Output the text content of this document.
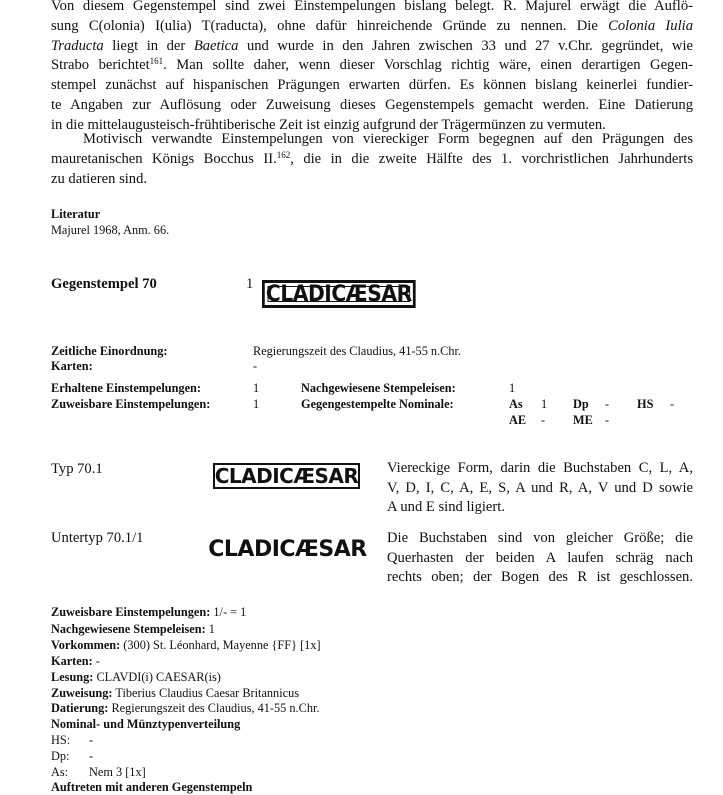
Von diesem Gegenstempel sind zwei Einstempelungen bislang belegt. R. Majurel erwägt die Auflö-
sung C(olonia) I(ulia) T(raducta), ohne dafür hinreichende Gründe zu nennen. Die Colonia Iulia
Traducta liegt in der Baetica und wurde in den Jahren zwischen 33 und 27 v.Chr. gegründet, wie
Strabo berichtet$^{161}$. Man sollte daher, wenn dieser Vorschlag richtig wäre, einen derartigen Gegen-
stempel zunächst auf hispanischen Prägungen erwarten dürfen. Es können bislang keinerlei fundier-
te Angaben zur Auflösung oder Zuweisung dieses Gegenstempels gemacht werden. Eine Datierung
in die mittelaugusteisch-frühtiberische Zeit ist einzig aufgrund der Trägermünzen zu vermuten.
Motivisch verwandte Einstempelungen von viereckiger Form begegnen auf den Prägungen des
mauretanischen Königs Bocchus II.$^{162}$, die in die zweite Hälfte des 1. vorchristlichen Jahrhunderts
zu datieren sind.
Literatur
Majurel 1968, Anm. 66.
Gegenstempel 70	1 CLADICÆSAR
Zeitliche Einordnung:	Regierungszeit des Claudius, 41-55 n.Chr.
Karten:	-
Erhaltene Einstempelungen:	1	Nachgewiesene Stempeleisen:	1
Zuweisbare Einstempelungen:	1	Gegengestempelte Nominale:	As 1 Dp - HS -
AE - ME -
Typ 70.1	CLADICÆSAR Viereckige Form, darin die Buchstaben C, L, A,
V, D, I, C, A, E, S, A und R, A, V und D sowie
A und E sind ligiert.
Untertyp 70.1/1	CLADICÆSAR Die Buchstaben sind von gleicher Größe; die
Querhasten der beiden A laufen schräg nach
rechts oben; der Bogen des R ist geschlossen.
Zuweisbare Einstempelungen: 1/- = 1
Nachgewiesene Stempeleisen: 1
Vorkommen: (300) St. Léonhard, Mayenne {FF} [1x]
Karten: -
Lesung: CLAVDI(i) CAESAR(is)
Zuweisung: Tiberius Claudius Caesar Britannicus
Datierung: Regierungszeit des Claudius, 41-55 n.Chr.
Nominal- und Münztypenverteilung
HS: -
Dp: -
As: Nem 3 [1x]
Auftreten mit anderen Gegenstempeln
